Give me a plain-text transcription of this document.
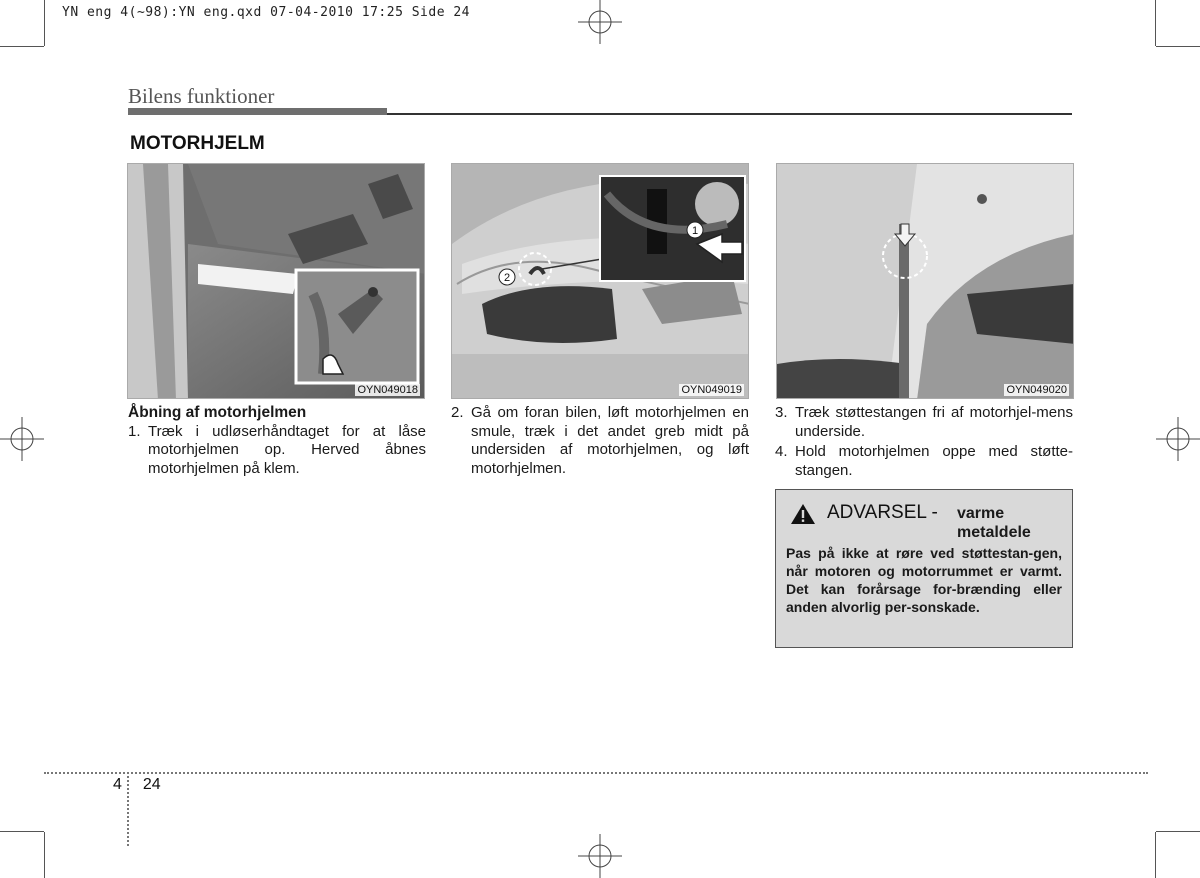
YN eng 4(~98):YN eng.qxd 07-04-2010 17:25 Side 24
Bilens funktioner
MOTORHJELM
OYN049018
1
2
OYN049019	OYN049020
Åbning af motorhjelmen
1. Træk i udløserhåndtaget for at låse motorhjelmen op. Herved åbnes motorhjelmen på klem.
2. Gå om foran bilen, løft motorhjelmen en smule, træk i det andet greb midt på undersiden af motorhjelmen, og løft motorhjelmen.
3. Træk støttestangen fri af motorhjel-mens underside.
4. Hold motorhjelmen oppe med støtte-stangen.
ADVARSEL - varme metaldele
Pas på ikke at røre ved støttestan-gen, når motoren og motorrummet er varmt. Det kan forårsage for-brænding eller anden alvorlig per-sonskade.
4 24
